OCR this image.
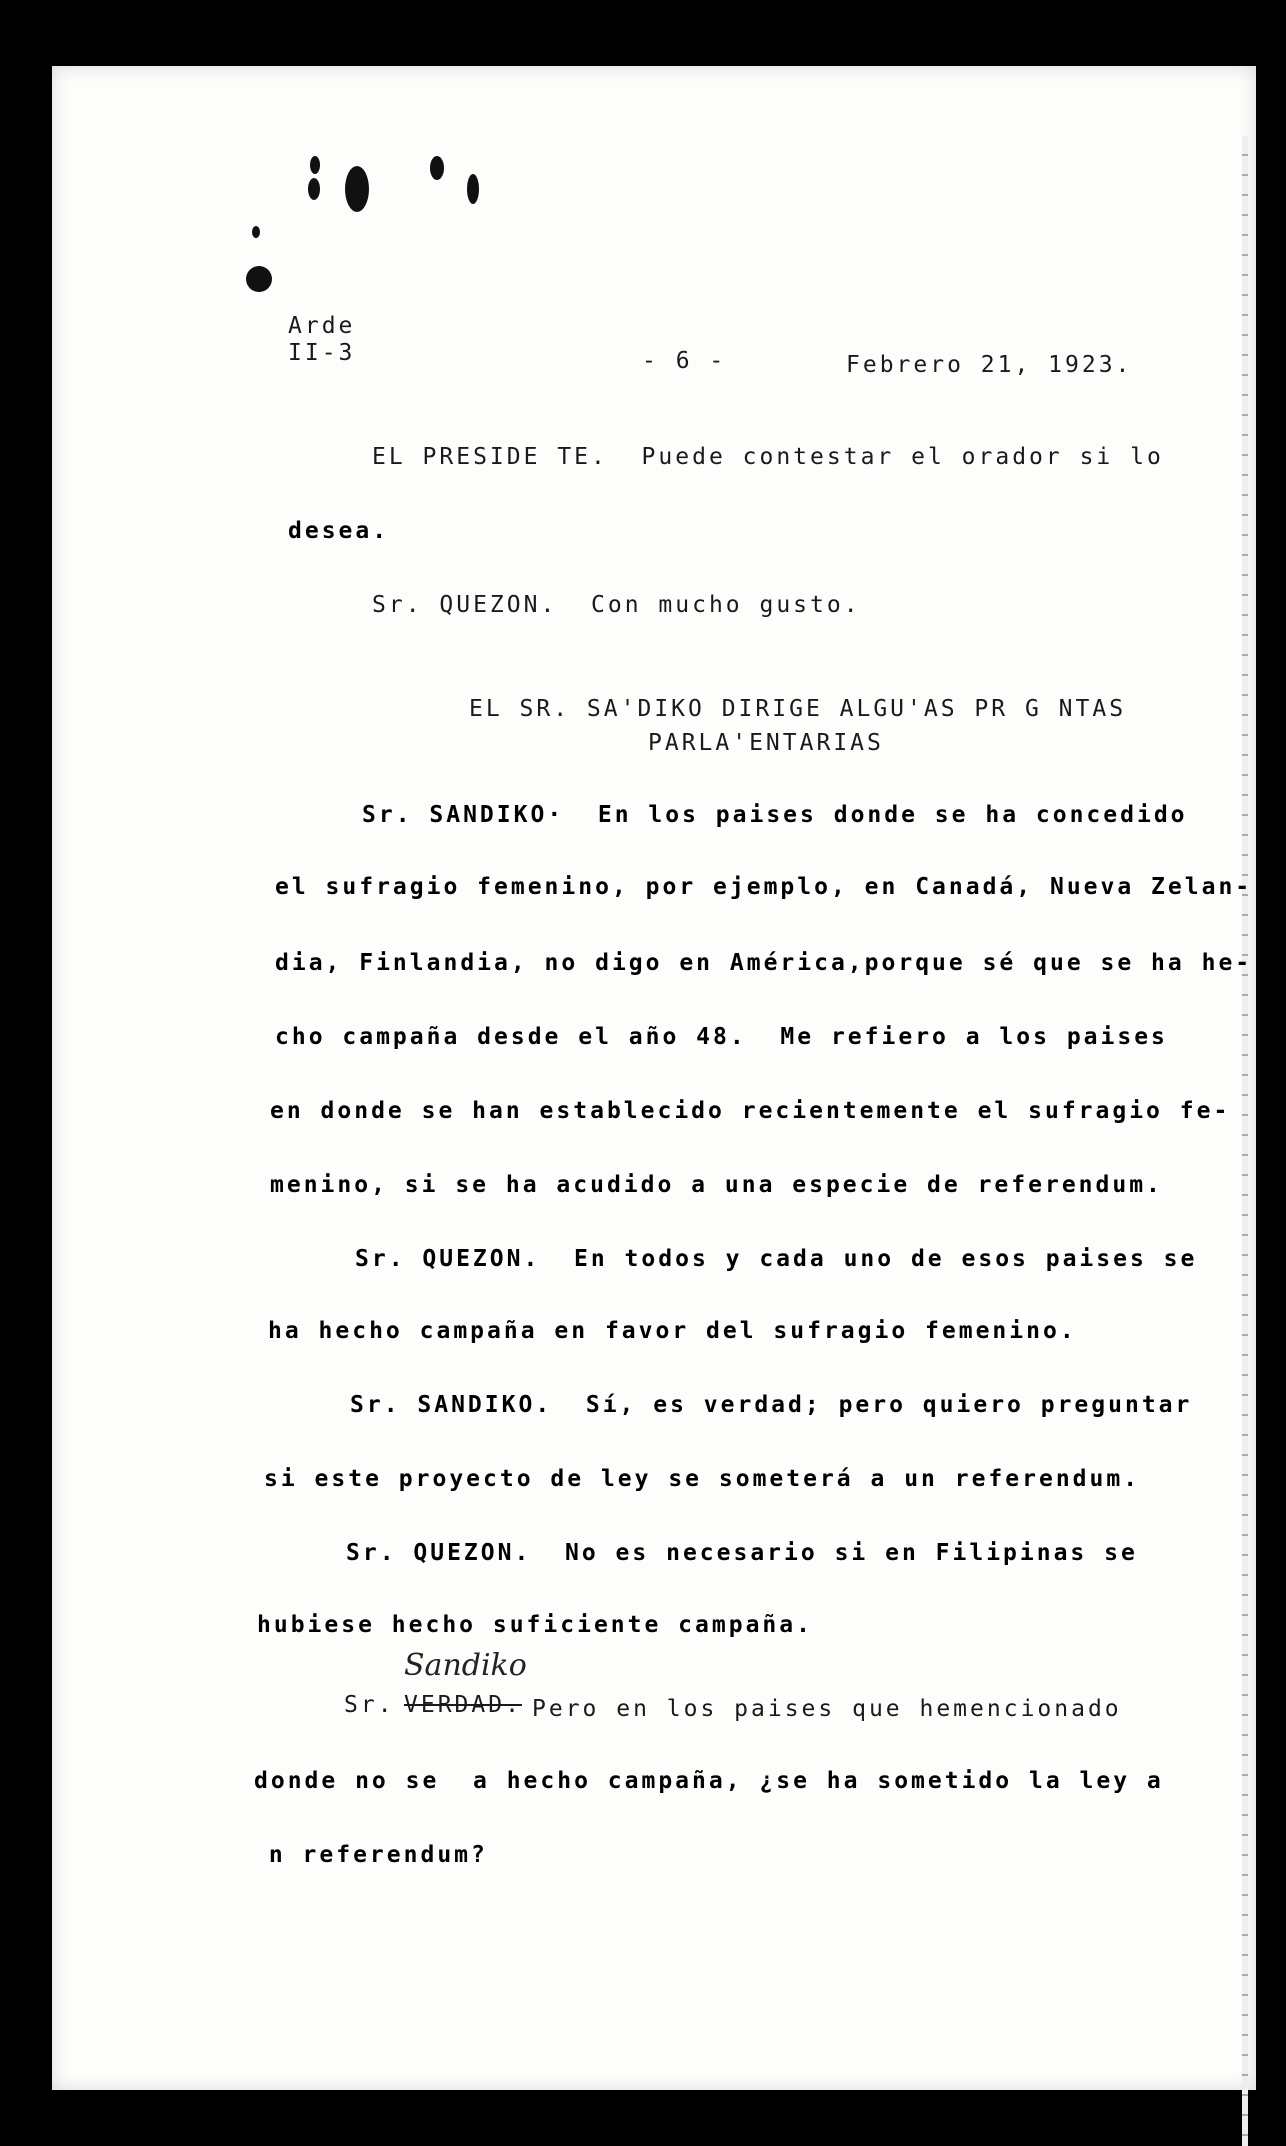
Arde
II-3	- 6 -	Febrero 21, 1923.
EL PRESIDE TE.  Puede contestar el orador si lo
desea.
Sr. QUEZON.  Con mucho gusto.
EL SR. SA'DIKO DIRIGE ALGU'AS PR G NTAS
PARLA'ENTARIAS
Sr. SANDIKO·  En los paises donde se ha concedido
el sufragio femenino, por ejemplo, en Canadá, Nueva Zelan-
dia, Finlandia, no digo en América,porque sé que se ha he-
cho campaña desde el año 48.  Me refiero a los paises
en donde se han establecido recientemente el sufragio fe-
menino, si se ha acudido a una especie de referendum.
Sr. QUEZON.  En todos y cada uno de esos paises se
ha hecho campaña en favor del sufragio femenino.
Sr. SANDIKO.  Sí, es verdad; pero quiero preguntar
si este proyecto de ley se someterá a un referendum.
Sr. QUEZON.  No es necesario si en Filipinas se
hubiese hecho suficiente campaña.
Sr. VERDAD.
Sandiko
Pero en los paises que hemencionado
donde no se  a hecho campaña, ¿se ha sometido la ley a
n referendum?
